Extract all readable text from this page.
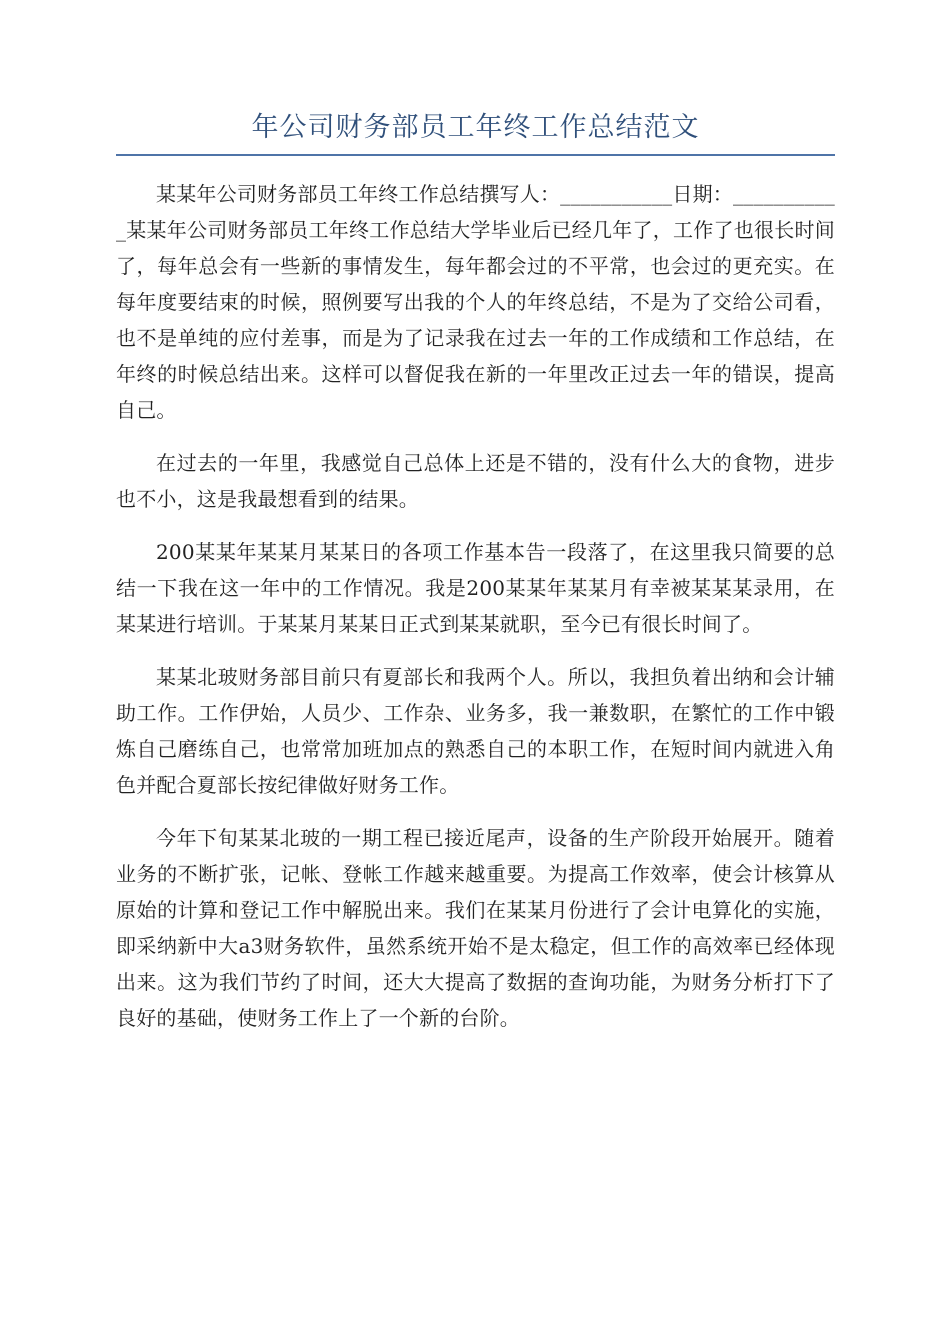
年公司财务部员工年终工作总结范文

某某年公司财务部员工年终工作总结撰写人：___________日期：___________某某年公司财务部员工年终工作总结大学毕业后已经几年了，工作了也很长时间了，每年总会有一些新的事情发生，每年都会过的不平常，也会过的更充实。在每年度要结束的时候，照例要写出我的个人的年终总结，不是为了交给公司看，也不是单纯的应付差事，而是为了记录我在过去一年的工作成绩和工作总结，在年终的时候总结出来。这样可以督促我在新的一年里改正过去一年的错误，提高自己。

在过去的一年里，我感觉自己总体上还是不错的，没有什么大的食物，进步也不小，这是我最想看到的结果。

200某某年某某月某某日的各项工作基本告一段落了，在这里我只简要的总结一下我在这一年中的工作情况。我是200某某年某某月有幸被某某某录用，在某某进行培训。于某某月某某日正式到某某就职，至今已有很长时间了。

某某北玻财务部目前只有夏部长和我两个人。所以，我担负着出纳和会计辅助工作。工作伊始，人员少、工作杂、业务多，我一兼数职，在繁忙的工作中锻炼自己磨练自己，也常常加班加点的熟悉自己的本职工作，在短时间内就进入角色并配合夏部长按纪律做好财务工作。

今年下旬某某北玻的一期工程已接近尾声，设备的生产阶段开始展开。随着业务的不断扩张，记帐、登帐工作越来越重要。为提高工作效率，使会计核算从原始的计算和登记工作中解脱出来。我们在某某月份进行了会计电算化的实施，即采纳新中大a3财务软件，虽然系统开始不是太稳定，但工作的高效率已经体现出来。这为我们节约了时间，还大大提高了数据的查询功能，为财务分析打下了良好的基础，使财务工作上了一个新的台阶。
